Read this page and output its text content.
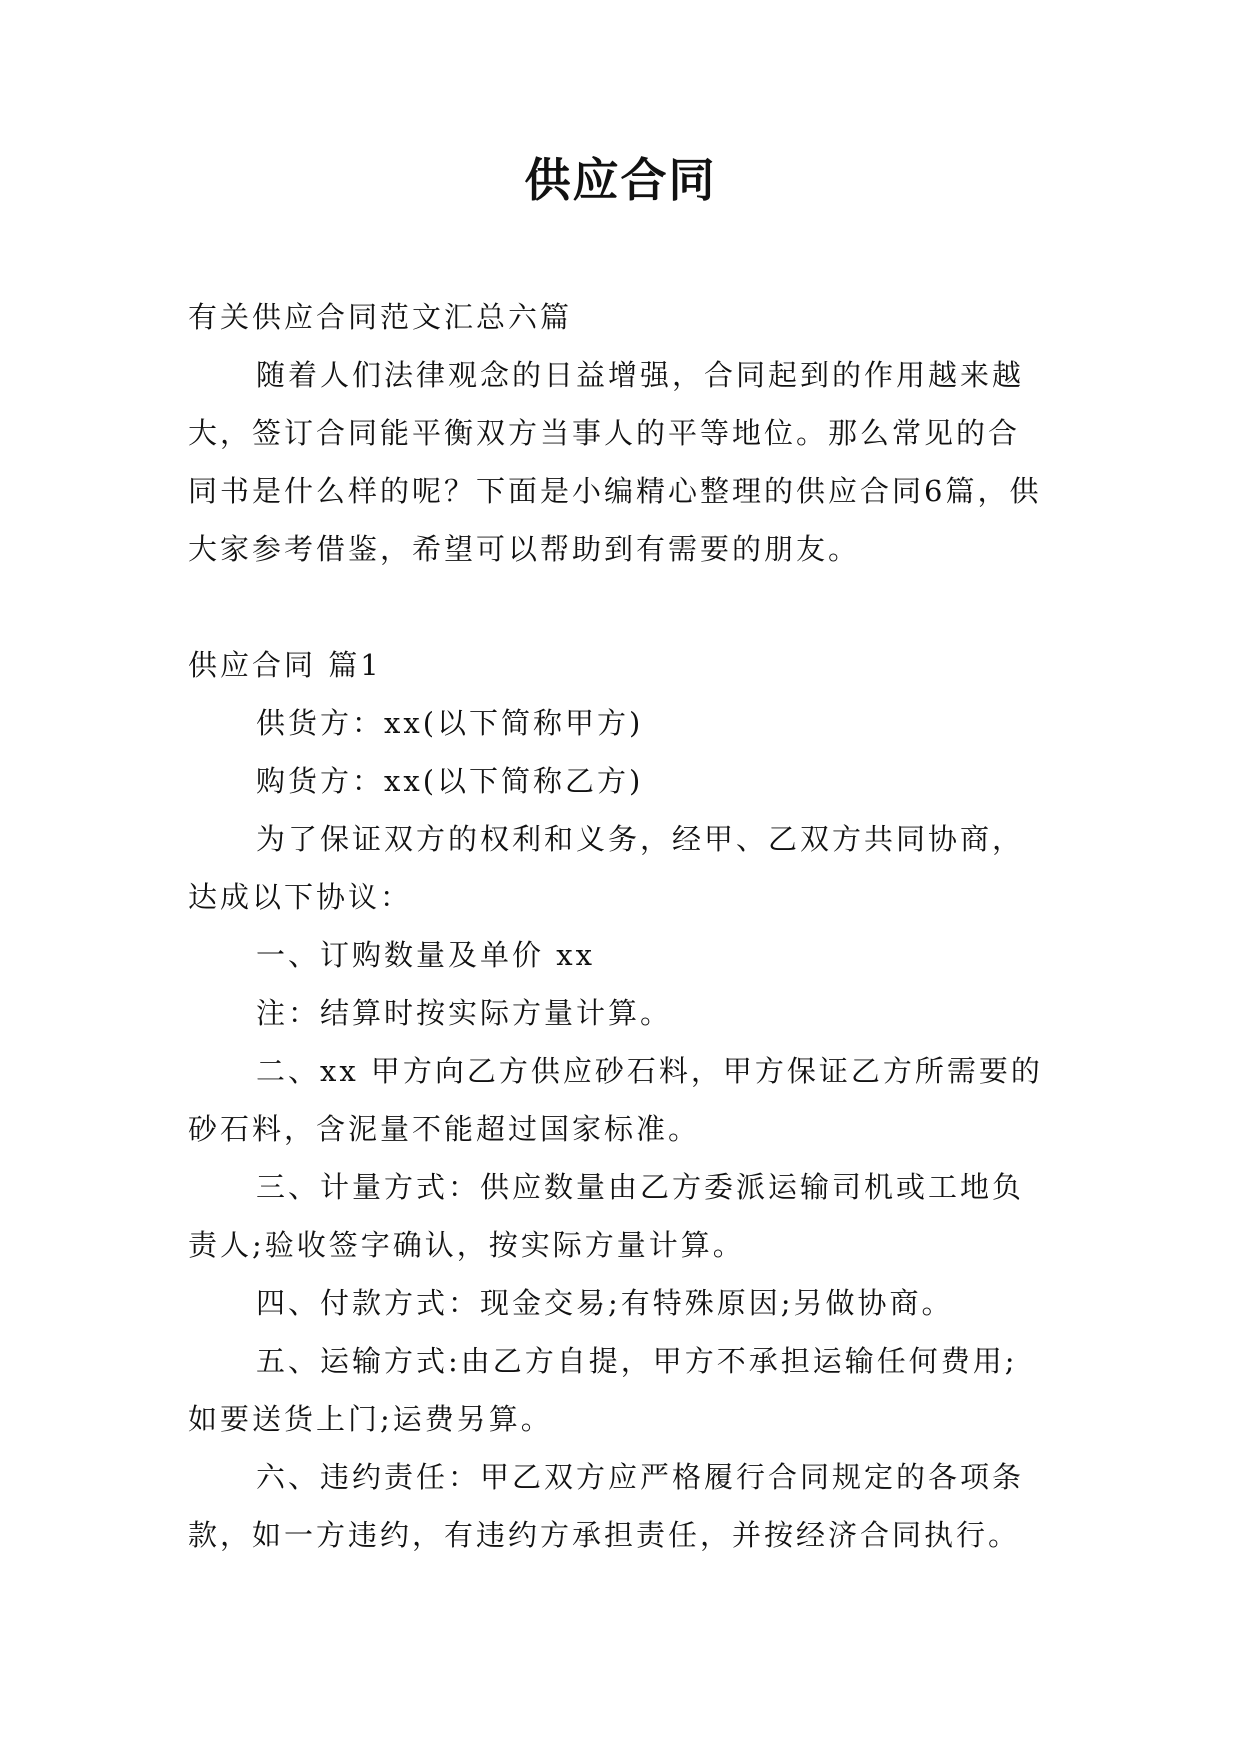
供应合同

有关供应合同范文汇总六篇

随着人们法律观念的日益增强，合同起到的作用越来越大，签订合同能平衡双方当事人的平等地位。那么常见的合同书是什么样的呢？下面是小编精心整理的供应合同6篇，供大家参考借鉴，希望可以帮助到有需要的朋友。

供应合同 篇1

供货方：xx(以下简称甲方)

购货方：xx(以下简称乙方)

为了保证双方的权利和义务，经甲、乙双方共同协商，达成以下协议：

一、订购数量及单价 xx

注：结算时按实际方量计算。

二、xx 甲方向乙方供应砂石料，甲方保证乙方所需要的砂石料，含泥量不能超过国家标准。

三、计量方式：供应数量由乙方委派运输司机或工地负责人;验收签字确认，按实际方量计算。

四、付款方式：现金交易;有特殊原因;另做协商。

五、运输方式:由乙方自提，甲方不承担运输任何费用;如要送货上门;运费另算。

六、违约责任：甲乙双方应严格履行合同规定的各项条款，如一方违约，有违约方承担责任，并按经济合同执行。
